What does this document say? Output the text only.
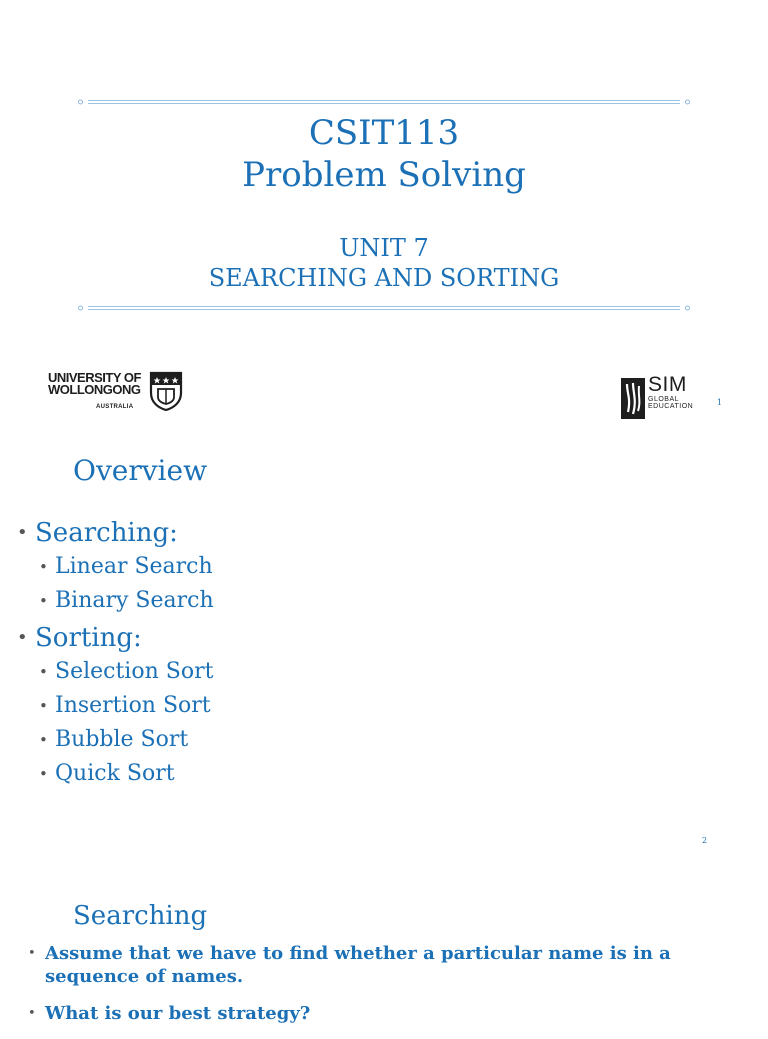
CSIT113
Problem Solving
UNIT 7
SEARCHING AND SORTING
UNIVERSITY OF
WOLLONGONG
AUSTRALIA
SIM
GLOBAL
EDUCATION	1
Overview
• Searching:
• Linear Search
• Binary Search
• Sorting:
• Selection Sort
• Insertion Sort
• Bubble Sort
• Quick Sort
2
Searching
• Assume that we have to find whether a particular name is in a sequence of names.
• What is our best strategy?
